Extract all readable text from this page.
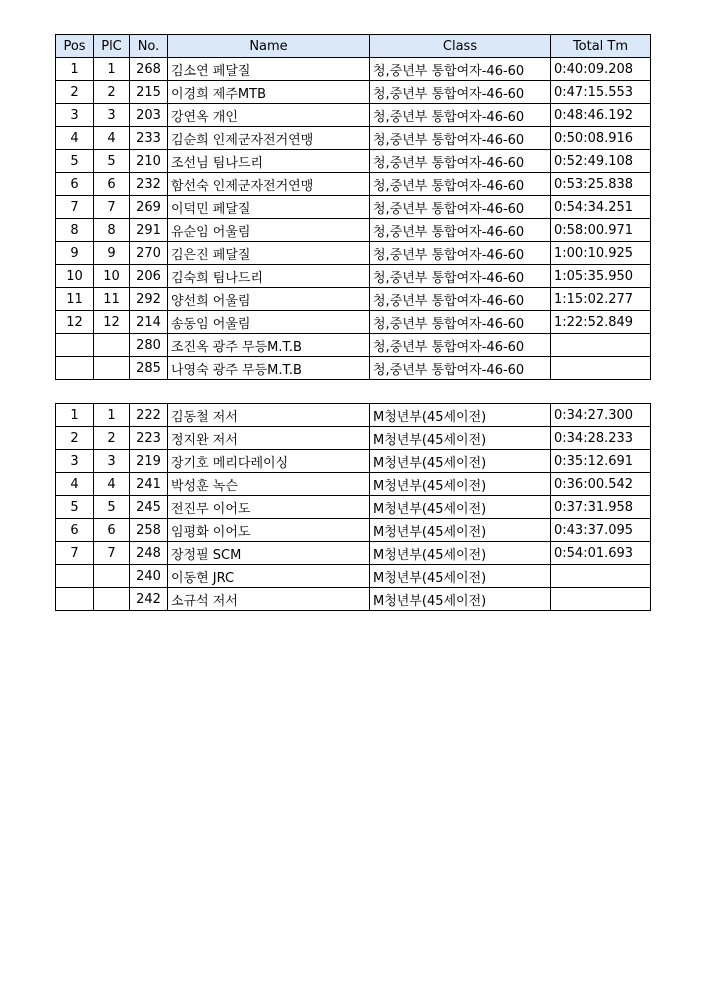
Pos	PlC	No.	Name	Class	Total Tm
1	1	268	김소연 페달질	청,중년부 통합여자-46-60	0:40:09.208
2	2	215	이경희 제주MTB	청,중년부 통합여자-46-60	0:47:15.553
3	3	203	강연옥 개인	청,중년부 통합여자-46-60	0:48:46.192
4	4	233	김순희 인제군자전거연맹	청,중년부 통합여자-46-60	0:50:08.916
5	5	210	조선님 팀나드리	청,중년부 통합여자-46-60	0:52:49.108
6	6	232	함선숙 인제군자전거연맹	청,중년부 통합여자-46-60	0:53:25.838
7	7	269	이덕민 페달질	청,중년부 통합여자-46-60	0:54:34.251
8	8	291	유순임 어울림	청,중년부 통합여자-46-60	0:58:00.971
9	9	270	김은진 페달질	청,중년부 통합여자-46-60	1:00:10.925
10	10	206	김숙희 팀나드리	청,중년부 통합여자-46-60	1:05:35.950
11	11	292	양선희 어울림	청,중년부 통합여자-46-60	1:15:02.277
12	12	214	송동임 어울림	청,중년부 통합여자-46-60	1:22:52.849
		280	조진옥 광주 무등M.T.B	청,중년부 통합여자-46-60	
		285	나영숙 광주 무등M.T.B	청,중년부 통합여자-46-60	
1	1	222	김동철 저서	M청년부(45세이전)	0:34:27.300
2	2	223	정지완 저서	M청년부(45세이전)	0:34:28.233
3	3	219	장기호 메리다레이싱	M청년부(45세이전)	0:35:12.691
4	4	241	박성훈 녹슨	M청년부(45세이전)	0:36:00.542
5	5	245	전진무 이어도	M청년부(45세이전)	0:37:31.958
6	6	258	임평화 이어도	M청년부(45세이전)	0:43:37.095
7	7	248	장정필 SCM	M청년부(45세이전)	0:54:01.693
		240	이동현 JRC	M청년부(45세이전)	
		242	소규석 저서	M청년부(45세이전)	
